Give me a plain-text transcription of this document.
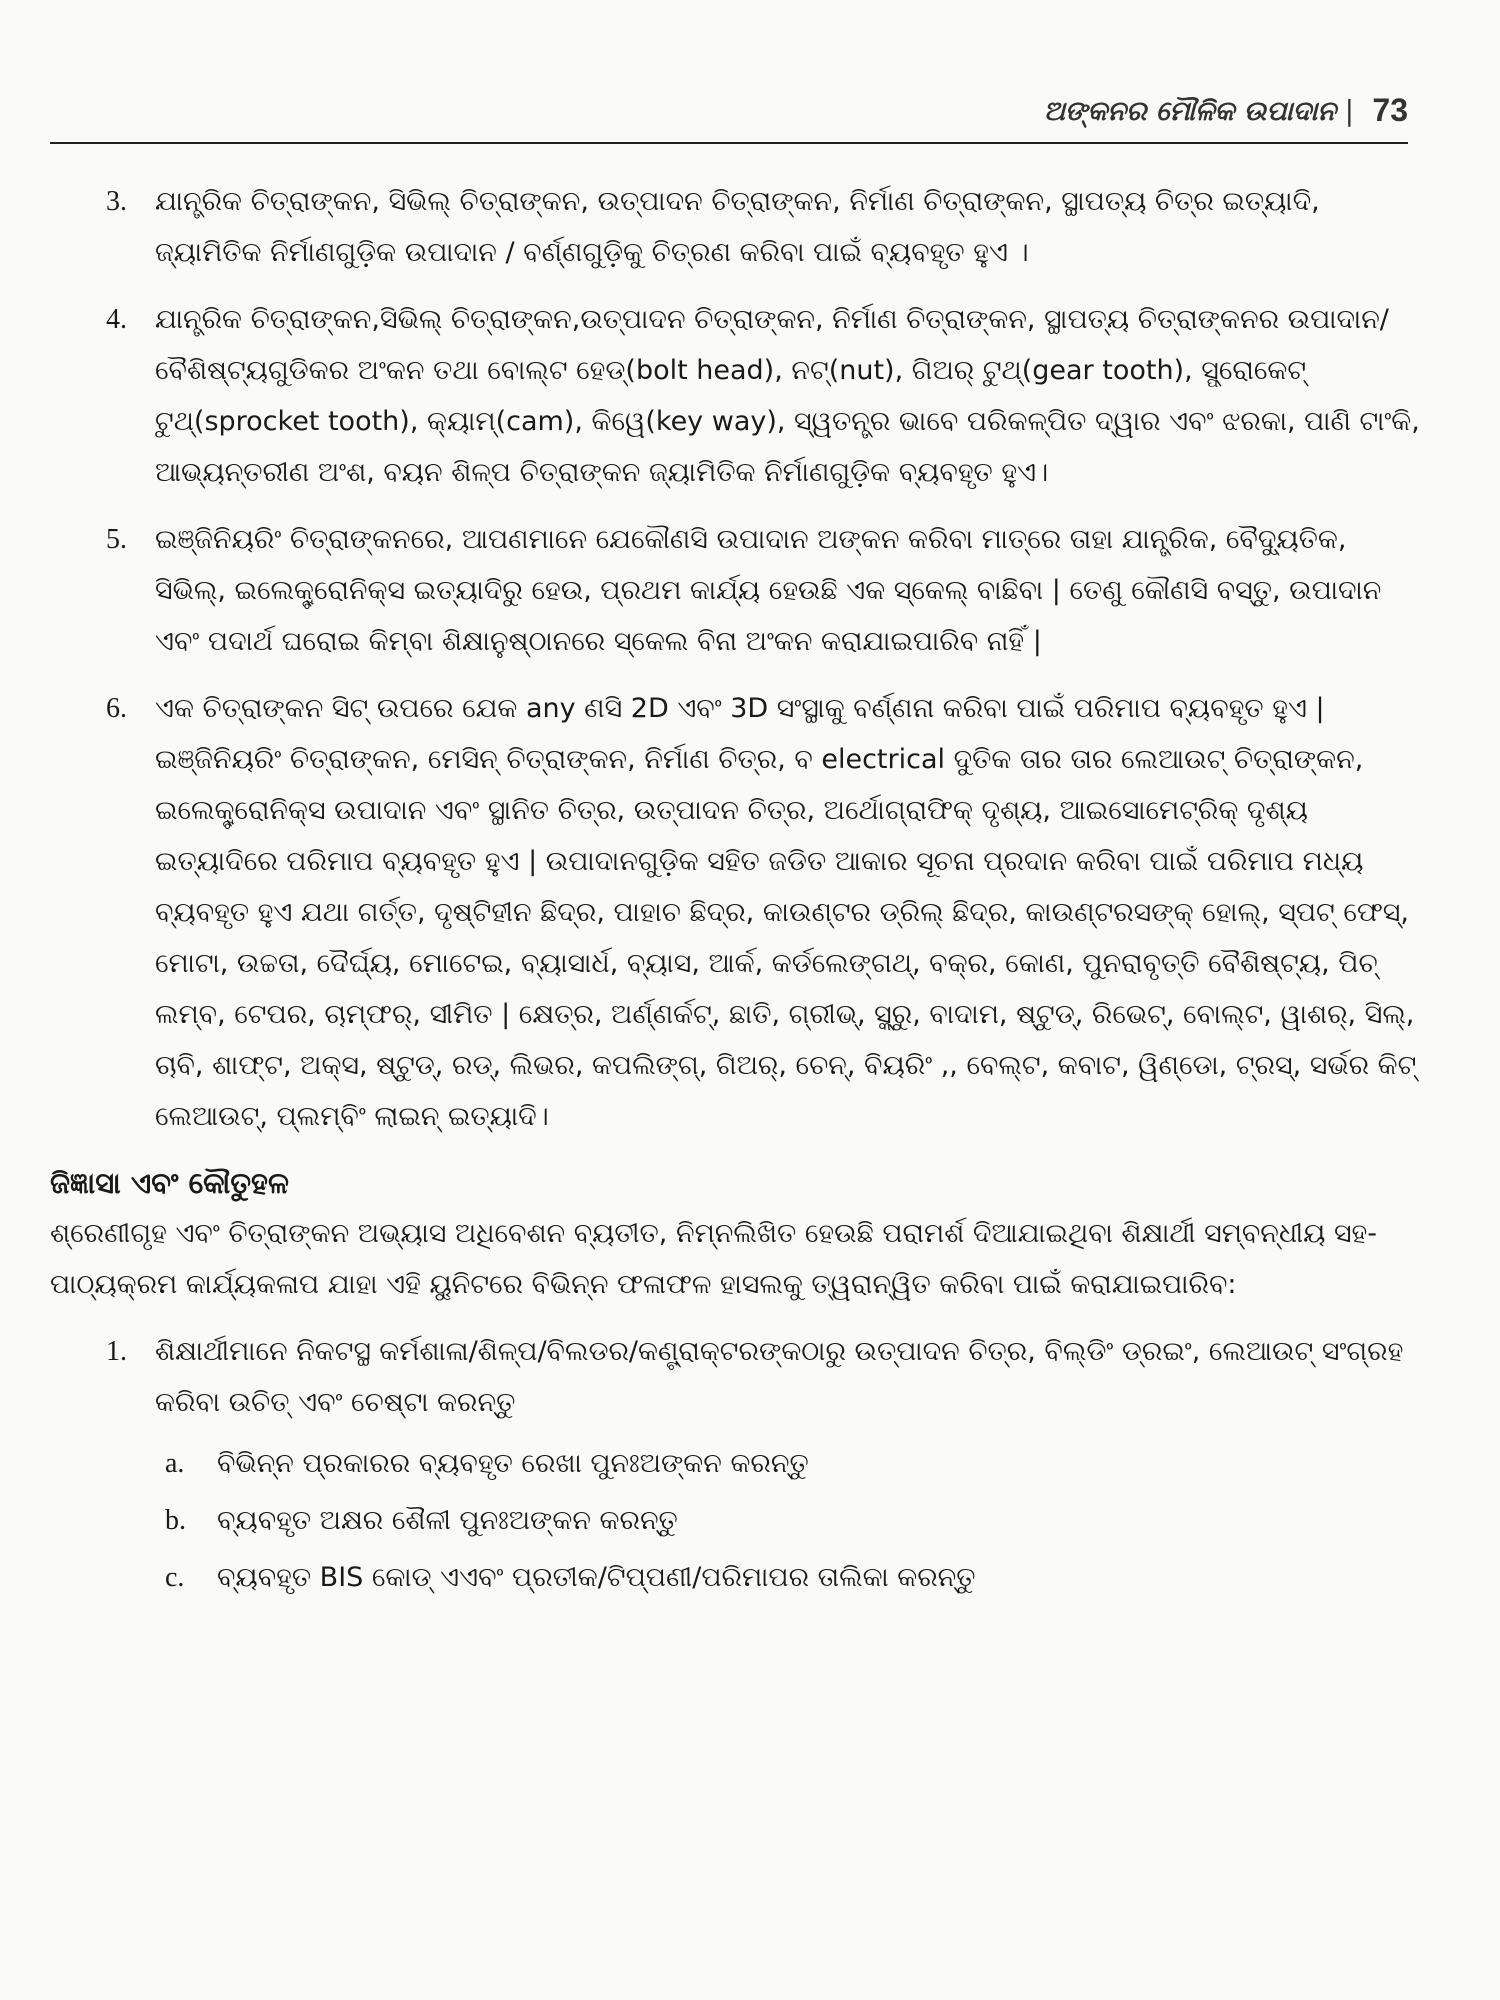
ଅଙ୍କନର ମୌଳିକ ଉପାଦାନ | 73
3. ଯାନ୍ତ୍ରିକ ଚିତ୍ରାଙ୍କନ, ସିଭିଲ୍ ଚିତ୍ରାଙ୍କନ, ଉତ୍ପାଦନ ଚିତ୍ରାଙ୍କନ, ନିର୍ମାଣ ଚିତ୍ରାଙ୍କନ, ସ୍ଥାପତ୍ୟ ଚିତ୍ର ଇତ୍ୟାଦି, ଜ୍ୟାମିତିକ ନିର୍ମାଣଗୁଡ଼ିକ ଉପାଦାନ / ବର୍ଣ୍ଣଗୁଡ଼ିକୁ ଚିତ୍ରଣ କରିବା ପାଇଁ ବ୍ୟବହୃତ ହୁଏ ।
4. ଯାନ୍ତ୍ରିକ ଚିତ୍ରାଙ୍କନ,ସିଭିଲ୍ ଚିତ୍ରାଙ୍କନ,ଉତ୍ପାଦନ ଚିତ୍ରାଙ୍କନ, ନିର୍ମାଣ ଚିତ୍ରାଙ୍କନ, ସ୍ଥାପତ୍ୟ ଚିତ୍ରାଙ୍କନର ଉପାଦାନ/ ବୈଶିଷ୍ଟ୍ୟଗୁଡିକର ଅଂକନ ତଥା ବୋଲ୍ଟ ହେଡ୍(bolt head), ନଟ୍(nut), ଗିଅର୍ ଟୁଥ୍(gear tooth), ସ୍ପ୍ରୋକେଟ୍ ଟୁଥ୍(sprocket tooth), କ୍ୟାମ୍(cam), କିୱେ(key way), ସ୍ୱତନ୍ତ୍ର ଭାବେ ପରିକଳ୍ପିତ ଦ୍ୱାର ଏବଂ ଝରକା, ପାଣି ଟାଂକି, ଆଭ୍ୟନ୍ତରୀଣ ଅଂଶ, ବୟନ ଶିଳ୍ପ ଚିତ୍ରାଙ୍କନ ଜ୍ୟାମିତିକ ନିର୍ମାଣଗୁଡ଼ିକ ବ୍ୟବହୃତ ହୁଏ।
5. ଇଞ୍ଜିନିୟରିଂ ଚିତ୍ରାଙ୍କନରେ, ଆପଣମାନେ ଯେକୌଣସି ଉପାଦାନ ଅଙ୍କନ କରିବା ମାତ୍ରେ ତାହା ଯାନ୍ତ୍ରିକ, ବୈଦ୍ୟୁତିକ, ସିଭିଲ୍, ଇଲେକ୍ଟ୍ରୋନିକ୍ସ ଇତ୍ୟାଦିରୁ ହେଉ, ପ୍ରଥମ କାର୍ଯ୍ୟ ହେଉଛି ଏକ ସ୍କେଲ୍ ବାଛିବା | ତେଣୁ କୌଣସି ବସ୍ତୁ, ଉପାଦାନ ଏବଂ ପଦାର୍ଥ ଘରୋଇ କିମ୍ବା ଶିକ୍ଷାନୁଷ୍ଠାନରେ ସ୍କେଲ ବିନା ଅଂକନ କରାଯାଇପାରିବ ନାହିଁ |
6. ଏକ ଚିତ୍ରାଙ୍କନ ସିଟ୍ ଉପରେ ଯେକ any ଣସି 2D ଏବଂ 3D ସଂସ୍ଥାକୁ ବର୍ଣ୍ଣନା କରିବା ପାଇଁ ପରିମାପ ବ୍ୟବହୃତ ହୁଏ | ଇଞ୍ଜିନିୟରିଂ ଚିତ୍ରାଙ୍କନ, ମେସିନ୍ ଚିତ୍ରାଙ୍କନ, ନିର୍ମାଣ ଚିତ୍ର, ବ electrical ଦୁତିକ ତାର ତାର ଲେଆଉଟ୍ ଚିତ୍ରାଙ୍କନ, ଇଲେକ୍ଟ୍ରୋନିକ୍ସ ଉପାଦାନ ଏବଂ ସ୍ଥାନିତ ଚିତ୍ର, ଉତ୍ପାଦନ ଚିତ୍ର, ଅର୍ଥୋଗ୍ରାଫିକ୍ ଦୃଶ୍ୟ, ଆଇସୋମେଟ୍ରିକ୍ ଦୃଶ୍ୟ ଇତ୍ୟାଦିରେ ପରିମାପ ବ୍ୟବହୃତ ହୁଏ | ଉପାଦାନଗୁଡ଼ିକ ସହିତ ଜଡିତ ଆକାର ସୂଚନା ପ୍ରଦାନ କରିବା ପାଇଁ ପରିମାପ ମଧ୍ୟ ବ୍ୟବହୃତ ହୁଏ ଯଥା ଗର୍ତ୍ତ, ଦୃଷ୍ଟିହୀନ ଛିଦ୍ର, ପାହାଚ ଛିଦ୍ର, କାଉଣ୍ଟର ଡ୍ରିଲ୍ ଛିଦ୍ର, କାଉଣ୍ଟରସଙ୍କ୍ ହୋଲ୍, ସ୍ପଟ୍ ଫେସ୍, ମୋଟା, ଉଚ୍ଚତା, ଦୈର୍ଘ୍ୟ, ମୋଟେଇ, ବ୍ୟାସାର୍ଧ, ବ୍ୟାସ, ଆର୍କ, କର୍ଡଲେଙ୍ଗଥ୍, ବକ୍ର, କୋଣ, ପୁନରାବୃତ୍ତି ବୈଶିଷ୍ଟ୍ୟ, ପିଚ୍ ଲମ୍ବ, ଟେପର, ଚାମ୍ଫର୍, ସୀମିତ | କ୍ଷେତ୍ର, ଅର୍ଣ୍ଣର୍କଟ୍, ଛାତି, ଗ୍ରୀଭ୍, ସ୍କ୍ରୁ, ବାଦାମ, ଷ୍ଟୁଡ୍, ରିଭେଟ୍, ବୋଲ୍ଟ, ୱାଶର୍, ସିଲ୍, ଚାବି, ଶାଫ୍ଟ, ଅକ୍ସ, ଷ୍ଟୁଡ୍, ରଡ୍, ଲିଭର, କପଲିଙ୍ଗ୍, ଗିଅର୍, ଚେନ୍, ବିୟରିଂ ,, ବେଲ୍ଟ, କବାଟ, ୱିଣ୍ଡୋ, ଟ୍ରସ୍, ସର୍ଭର କିଟ୍ ଲେଆଉଟ୍, ପ୍ଲମ୍ବିଂ ଲାଇନ୍ ଇତ୍ୟାଦି।
ଜିଜ୍ଞାସା ଏବଂ କୌତୁହଳ

ଶ୍ରେଣୀଗୃହ ଏବଂ ଚିତ୍ରାଙ୍କନ ଅଭ୍ୟାସ ଅଧିବେଶନ ବ୍ୟତୀତ, ନିମ୍ନଲିଖିତ ହେଉଛି ପରାମର୍ଶ ଦିଆଯାଇଥିବା ଶିକ୍ଷାର୍ଥୀ ସମ୍ବନ୍ଧୀୟ ସହ-ପାଠ୍ୟକ୍ରମ କାର୍ଯ୍ୟକଳାପ ଯାହା ଏହି ୟୁନିଟରେ ବିଭିନ୍ନ ଫଳାଫଳ ହାସଲକୁ ତ୍ୱରାନ୍ୱିତ କରିବା ପାଇଁ କରାଯାଇପାରିବ:

1. ଶିକ୍ଷାର୍ଥୀମାନେ ନିକଟସ୍ଥ କର୍ମଶାଳା/ଶିଳ୍ପ/ବିଲଡର/କଣ୍ଟ୍ରାକ୍ଟରଙ୍କଠାରୁ ଉତ୍ପାଦନ ଚିତ୍ର, ବିଲ୍ଡିଂ ଡ୍ରଇଂ, ଲେଆଉଟ୍ ସଂଗ୍ରହ କରିବା ଉଚିତ୍ ଏବଂ ଚେଷ୍ଟା କରନ୍ତୁ
a. ବିଭିନ୍ନ ପ୍ରକାରର ବ୍ୟବହୃତ ରେଖା ପୁନଃଅଙ୍କନ କରନ୍ତୁ
b. ବ୍ୟବହୃତ ଅକ୍ଷର ଶୈଳୀ ପୁନଃଅଙ୍କନ କରନ୍ତୁ
c. ବ୍ୟବହୃତ BIS କୋଡ୍ ଏଏବଂ ପ୍ରତୀକ/ଟିପ୍ପଣୀ/ପରିମାପର ତାଲିକା କରନ୍ତୁ
